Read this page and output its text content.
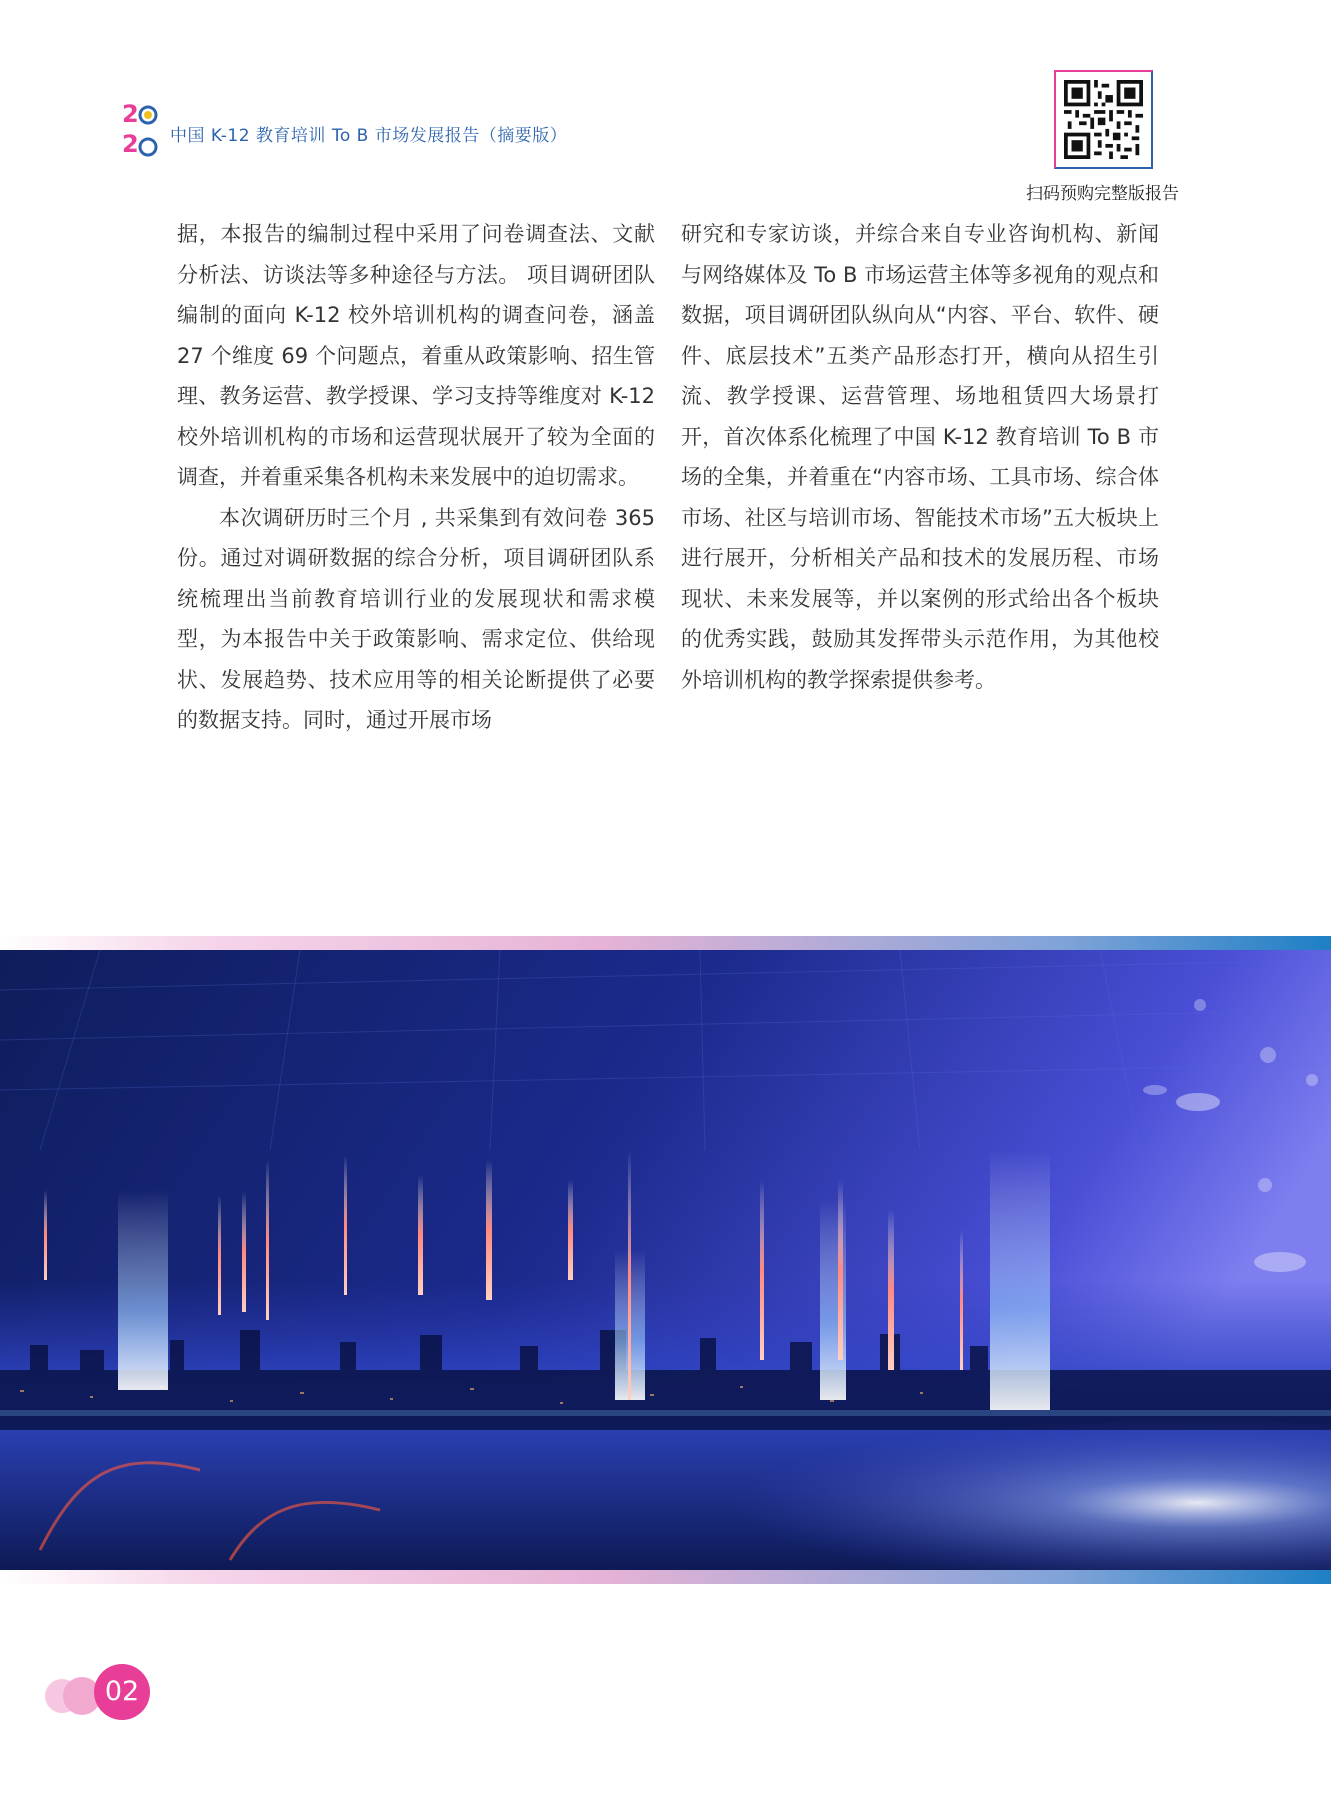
2
2 中国 K-12 教育培训 To B 市场发展报告（摘要版）
扫码预购完整版报告

据，本报告的编制过程中采用了问卷调查法、文献分析法、访谈法等多种途径与方法。 项目调研团队编制的面向 K-12 校外培训机构的调查问卷，涵盖 27 个维度 69 个问题点，着重从政策影响、招生管理、教务运营、教学授课、学习支持等维度对 K-12 校外培训机构的市场和运营现状展开了较为全面的调查，并着重采集各机构未来发展中的迫切需求。

本次调研历时三个月 , 共采集到有效问卷 365 份。通过对调研数据的综合分析，项目调研团队系统梳理出当前教育培训行业的发展现状和需求模型，为本报告中关于政策影响、需求定位、供给现状、发展趋势、技术应用等的相关论断提供了必要的数据支持。同时，通过开展市场

研究和专家访谈，并综合来自专业咨询机构、新闻与网络媒体及 To B 市场运营主体等多视角的观点和数据，项目调研团队纵向从“内容、平台、软件、硬件、底层技术”五类产品形态打开，横向从招生引流、教学授课、运营管理、场地租赁四大场景打开，首次体系化梳理了中国 K-12 教育培训 To B 市场的全集，并着重在“内容市场、工具市场、综合体市场、社区与培训市场、智能技术市场”五大板块上进行展开，分析相关产品和技术的发展历程、市场现状、未来发展等，并以案例的形式给出各个板块的优秀实践，鼓励其发挥带头示范作用，为其他校外培训机构的教学探索提供参考。

02
